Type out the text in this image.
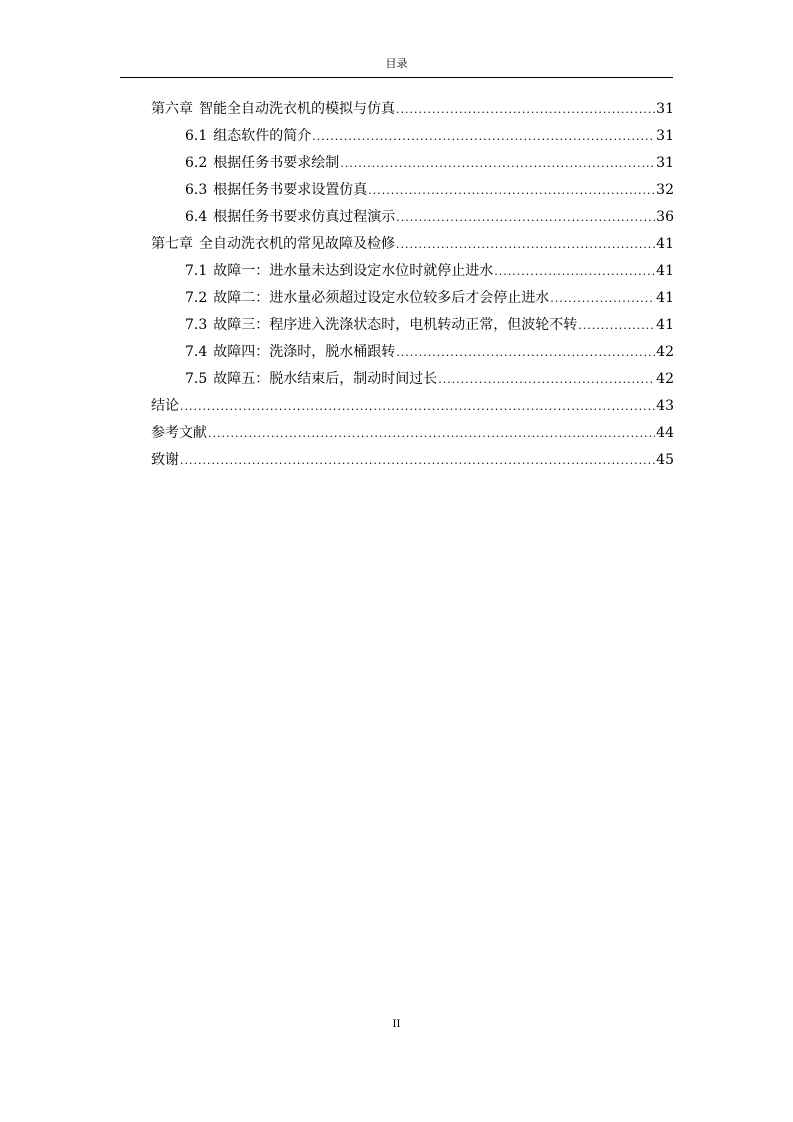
目录
第六章 智能全自动洗衣机的模拟与仿真 .....	31
6.1 组态软件的简介 .....	31
6.2 根据任务书要求绘制 .....	31
6.3 根据任务书要求设置仿真 .....	32
6.4 根据任务书要求仿真过程演示 .....	36
第七章 全自动洗衣机的常见故障及检修 .....	41
7.1 故障一：进水量未达到设定水位时就停止进水 .....	41
7.2 故障二：进水量必须超过设定水位较多后才会停止进水 .....	41
7.3 故障三：程序进入洗涤状态时，电机转动正常，但波轮不转 .....	41
7.4 故障四：洗涤时，脱水桶跟转 .....	42
7.5 故障五：脱水结束后，制动时间过长 .....	42
结论 .....	43
参考文献 .....	44
致谢 .....	45
II
